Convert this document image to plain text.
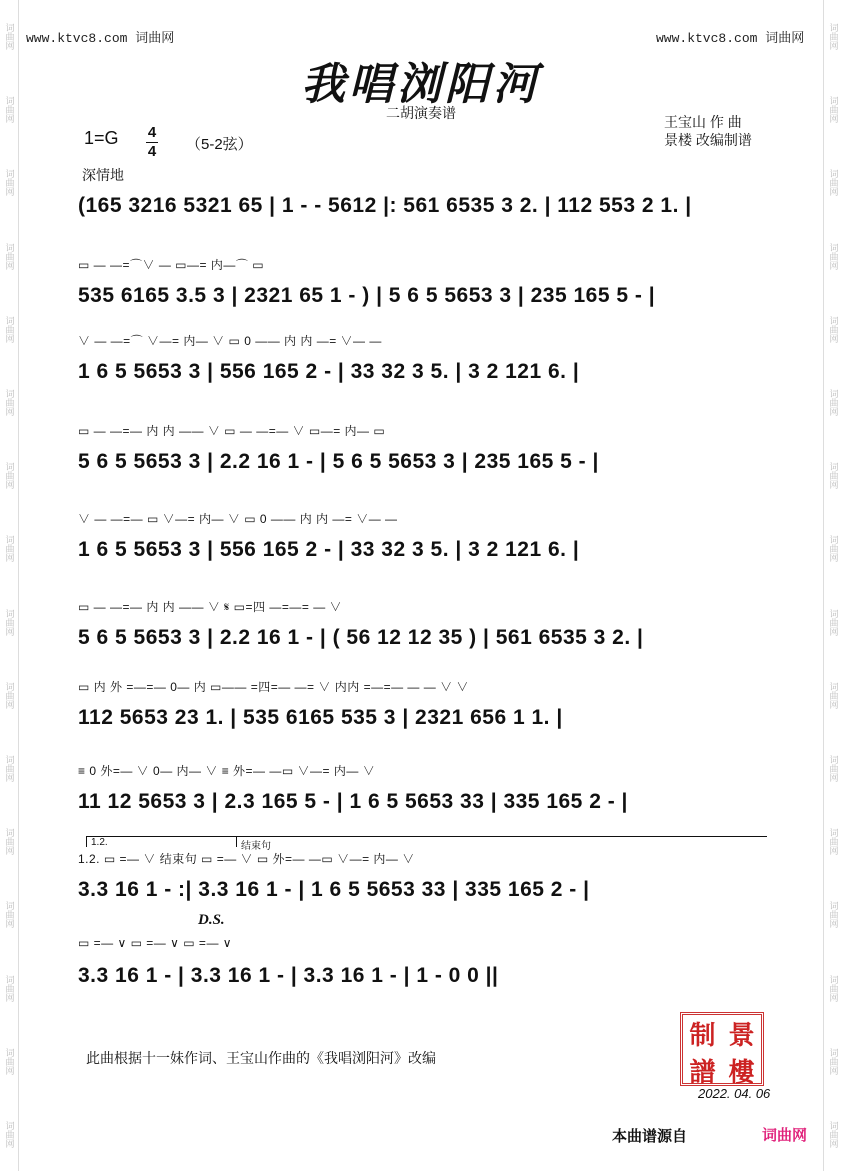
词曲网
词曲网
词曲网
词曲网
词曲网
词曲网
词曲网
词曲网
词曲网
词曲网
词曲网
词曲网
词曲网
词曲网
词曲网
词曲网
词曲网
词曲网
词曲网
词曲网
词曲网
词曲网
词曲网
词曲网
词曲网
词曲网
词曲网
词曲网
词曲网
词曲网
词曲网
词曲网
www.ktvc8.com 词曲网	www.ktvc8.com 词曲网
我唱浏阳河
二胡演奏谱
王宝山 作 曲
景楼 改编制谱
1=G 4
4 （5-2弦）
深情地
(165 3216 5321 65 | 1 - - 5612 |: 561 6535 3 2. | 112 553 2 1. |
▭ — —=⌒∨ — ▭—= 内—⌒ ▭
535 6165 3.5 3 | 2321 65 1 - ) | 5 6 5 5653 3 | 235 165 5 - |
∨ — —=⌒ ∨—= 内— ∨ ▭ 0 —— 内 内 —= ∨— —
1 6 5 5653 3 | 556 165 2 - | 33 32 3 5. | 3 2 121 6. |
▭ — —=— 内 内 —— ∨ ▭ — —=— ∨ ▭—= 内— ▭
5 6 5 5653 3 | 2.2 16 1 - | 5 6 5 5653 3 | 235 165 5 - |
∨ — —=— ▭ ∨—= 内— ∨ ▭ 0 —— 内 内 —= ∨— —
1 6 5 5653 3 | 556 165 2 - | 33 32 3 5. | 3 2 121 6. |
▭ — —=— 内 内 —— ∨ 𝄋 ▭=四 —=—= — ∨
5 6 5 5653 3 | 2.2 16 1 - | ( 56 12 12 35 ) | 561 6535 3 2. |
▭ 内 外 =—=— 0— 内 ▭—— =四=— —= ∨ 内内 =—=— — — ∨ ∨
112 5653 23 1. | 535 6165 535 3 | 2321 656 1 1. |
≡ 0 外=— ∨ 0— 内— ∨ ≡ 外=— —▭ ∨—= 内— ∨
11 12 5653 3 | 2.3 165 5 - | 1 6 5 5653 33 | 335 165 2 - |
1.2. ▭ =— ∨ 结束句 ▭ =— ∨ ▭ 外=— —▭ ∨—= 内— ∨
3.3 16 1 - :| 3.3 16 1 - | 1 6 5 5653 33 | 335 165 2 - |
▭ =— ∨ ▭ =— ∨ ▭ =— ∨
3.3 16 1 - | 3.3 16 1 - | 3.3 16 1 - | 1 - 0 0 ||
D.S.
此曲根据十一妹作词、王宝山作曲的《我唱浏阳河》改编
制 景
譜 樓
2022. 04. 06
本曲谱源自	词曲网
1.2.	结束句
